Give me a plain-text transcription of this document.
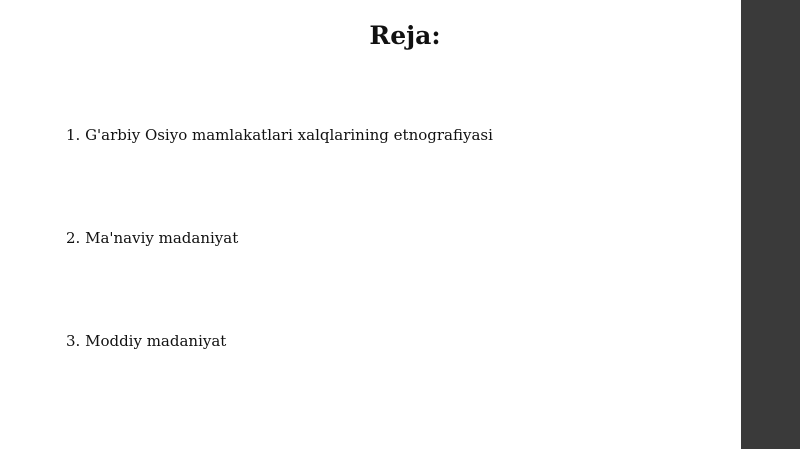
Reja:
1. G'arbiy Osiyo mamlakatlari xalqlarining etnografiyasi
2. Ma'naviy madaniyat
3. Moddiy madaniyat
